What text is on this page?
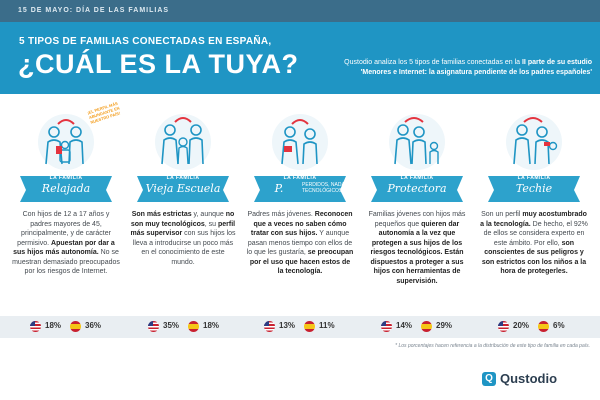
15 DE MAYO: DÍA DE LAS FAMILIAS
5 TIPOS DE FAMILIAS CONECTADAS EN ESPAÑA,
¿CUÁL ES LA TUYA?	Qustodio analiza los 5 tipos de familias conectadas en la II parte de su estudio
'Menores e Internet: la asignatura pendiente de los padres españoles'
¡EL PERFIL MÁS ABUNDANTE EN NUESTRO PAÍS!
LA FAMILIA
Relajada
Con hijos de 12 a 17 años y padres mayores de 45, principalmente, y de carácter permisivo. Apuestan por dar a sus hijos más autonomía. No se muestran demasiado preocupados por los riesgos de Internet.
LA FAMILIA
Vieja Escuela
Son más estrictas y, aunque no son muy tecnológicos, su perfil más supervisor con sus hijos los lleva a introducirse un poco más en el conocimiento de este mundo.
LA FAMILIA
P.	PERDIDOS, NADA TECNOLÓGICOS
Padres más jóvenes. Reconocen que a veces no saben cómo tratar con sus hijos. Y aunque pasan menos tiempo con ellos de lo que les gustaría, se preocupan por el uso que hacen estos de la tecnología.
LA FAMILIA
Protectora
Familias jóvenes con hijos más pequeños que quieren dar autonomía a la vez que protegen a sus hijos de los riesgos tecnológicos. Están dispuestos a proteger a sus hijos con herramientas de supervisión.
LA FAMILIA
Techie
Son un perfil muy acostumbrado a la tecnología. De hecho, el 92% de ellos se considera experto en este ámbito. Por ello, son conscientes de sus peligros y son estrictos con los niños a la hora de protegerles.
18%	36%	35%	18%	13%	11%	14%	29%	20%	6%
* Los porcentajes hacen referencia a la distribución de este tipo de familia en cada país.
Q Qustodio
